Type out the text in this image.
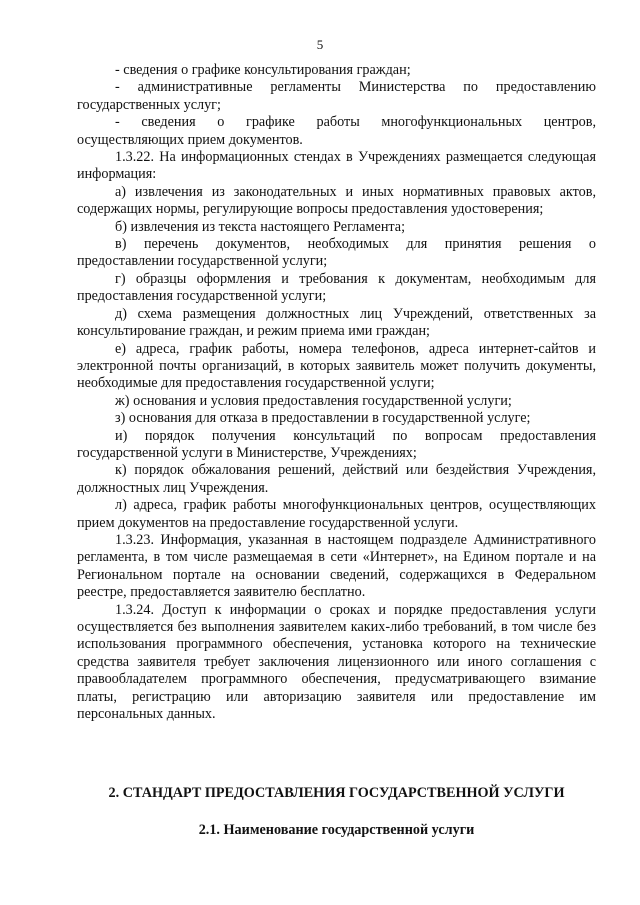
5

- сведения о графике консультирования граждан;

- административные регламенты Министерства по предоставлению государственных услуг;

- сведения о графике работы многофункциональных центров, осуществляющих прием документов.

1.3.22. На информационных стендах в Учреждениях размещается следующая информация:

а) извлечения из законодательных и иных нормативных правовых актов, содержащих нормы, регулирующие вопросы предоставления удостоверения;

б) извлечения из текста настоящего Регламента;

в) перечень документов, необходимых для принятия решения о предоставлении государственной услуги;

г) образцы оформления и требования к документам, необходимым для предоставления государственной услуги;

д) схема размещения должностных лиц Учреждений, ответственных за консультирование граждан, и режим приема ими граждан;

е) адреса, график работы, номера телефонов, адреса интернет-сайтов и электронной почты организаций, в которых заявитель может получить документы, необходимые для предоставления государственной услуги;

ж) основания и условия предоставления государственной услуги;

з) основания для отказа в предоставлении в государственной услуге;

и) порядок получения консультаций по вопросам предоставления государственной услуги в Министерстве, Учреждениях;

к) порядок обжалования решений, действий или бездействия Учреждения, должностных лиц Учреждения.

л) адреса, график работы многофункциональных центров, осуществляющих прием документов на предоставление государственной услуги.

1.3.23. Информация, указанная в настоящем подразделе Административного регламента, в том числе размещаемая в сети «Интернет», на Едином портале и на Региональном портале на основании сведений, содержащихся в Федеральном реестре, предоставляется заявителю бесплатно.

1.3.24. Доступ к информации о сроках и порядке предоставления услуги осуществляется без выполнения заявителем каких-либо требований, в том числе без использования программного обеспечения, установка которого на технические средства заявителя требует заключения лицензионного или иного соглашения с правообладателем программного обеспечения, предусматривающего взимание платы, регистрацию или авторизацию заявителя или предоставление им персональных данных.

2. СТАНДАРТ ПРЕДОСТАВЛЕНИЯ ГОСУДАРСТВЕННОЙ УСЛУГИ
2.1. Наименование государственной услуги
